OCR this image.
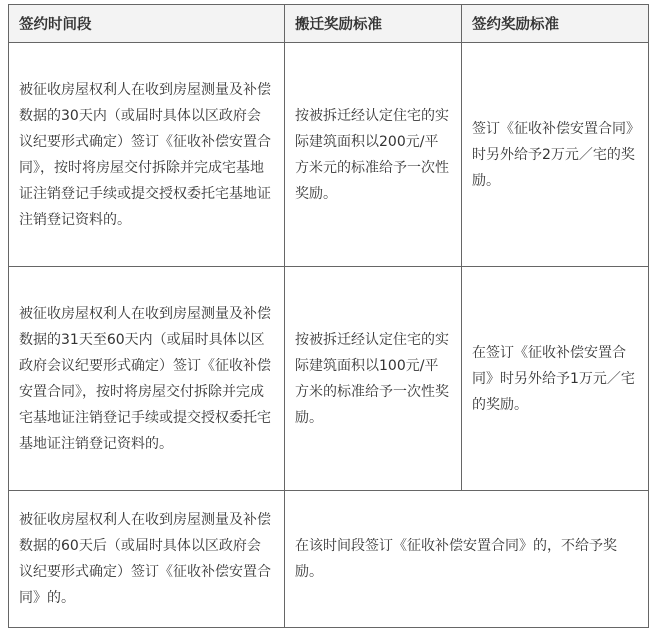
签约时间段	搬迁奖励标准	签约奖励标准
被征收房屋权利人在收到房屋测量及补偿数据的30天内（或届时具体以区政府会议纪要形式确定）签订《征收补偿安置合同》，按时将房屋交付拆除并完成宅基地证注销登记手续或提交授权委托宅基地证注销登记资料的。	按被拆迁经认定住宅的实际建筑面积以200元/平方米元的标准给予一次性奖励。	签订《征收补偿安置合同》时另外给予2万元／宅的奖励。
被征收房屋权利人在收到房屋测量及补偿数据的31天至60天内（或届时具体以区政府会议纪要形式确定）签订《征收补偿安置合同》，按时将房屋交付拆除并完成宅基地证注销登记手续或提交授权委托宅基地证注销登记资料的。	按被拆迁经认定住宅的实际建筑面积以100元/平方米的标准给予一次性奖励。	在签订《征收补偿安置合同》时另外给予1万元／宅的奖励。
被征收房屋权利人在收到房屋测量及补偿数据的60天后（或届时具体以区政府会议纪要形式确定）签订《征收补偿安置合同》的。	在该时间段签订《征收补偿安置合同》的，不给予奖励。	
